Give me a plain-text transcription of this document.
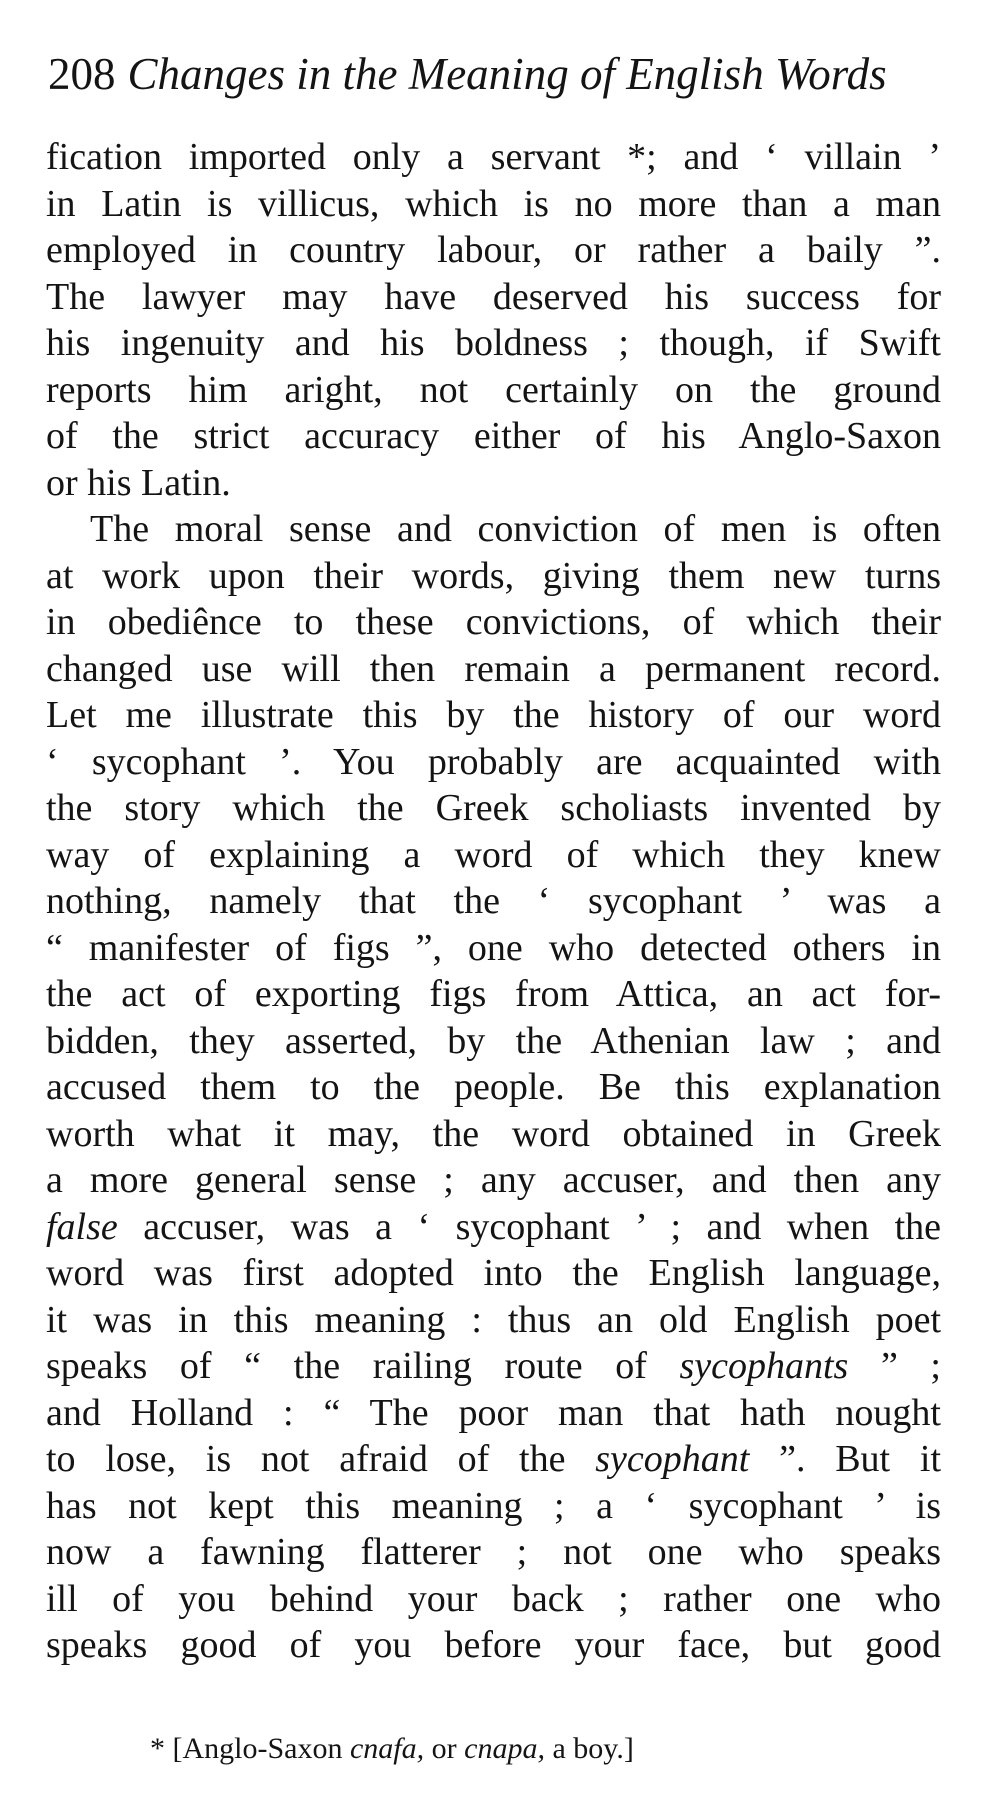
208 Changes in the Meaning of English Words
fication imported only a servant *; and ‘ villain ’
in Latin is villicus, which is no more than a man
employed in country labour, or rather a baily ”.
The lawyer may have deserved his success for
his ingenuity and his boldness ; though, if Swift
reports him aright, not certainly on the ground
of the strict accuracy either of his Anglo-Saxon
or his Latin.
The moral sense and conviction of men is often
at work upon their words, giving them new turns
in obediênce to these convictions, of which their
changed use will then remain a permanent record.
Let me illustrate this by the history of our word
‘ sycophant ’. You probably are acquainted with
the story which the Greek scholiasts invented by
way of explaining a word of which they knew
nothing, namely that the ‘ sycophant ’ was a
“ manifester of figs ”, one who detected others in
the act of exporting figs from Attica, an act for-
bidden, they asserted, by the Athenian law ; and
accused them to the people. Be this explanation
worth what it may, the word obtained in Greek
a more general sense ; any accuser, and then any
false accuser, was a ‘ sycophant ’ ; and when the
word was first adopted into the English language,
it was in this meaning : thus an old English poet
speaks of “ the railing route of sycophants ” ;
and Holland : “ The poor man that hath nought
to lose, is not afraid of the sycophant ”. But it
has not kept this meaning ; a ‘ sycophant ’ is
now a fawning flatterer ; not one who speaks
ill of you behind your back ; rather one who
speaks good of you before your face, but good
* [Anglo-Saxon cnafa, or cnapa, a boy.]
